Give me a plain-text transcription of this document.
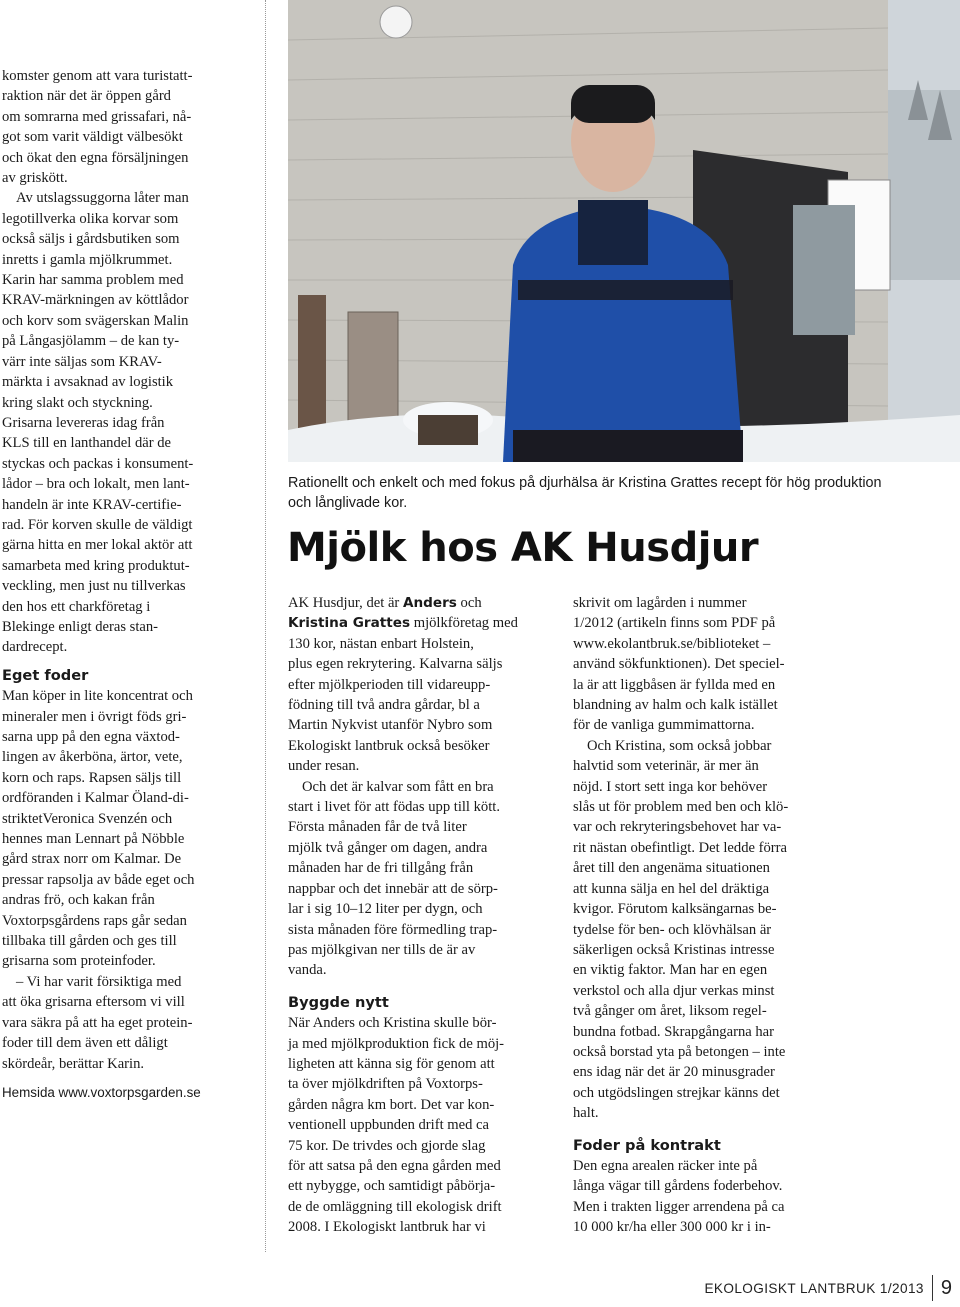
komster genom att vara turistatt-
raktion när det är öppen gård
om somrarna med grissafari, nå-
got som varit väldigt välbesökt
och ökat den egna försäljningen
av griskött.

Av utslagssuggorna låter man
legotillverka olika korvar som
också säljs i gårdsbutiken som
inretts i gamla mjölkrummet.
Karin har samma problem med
KRAV-märkningen av köttlådor
och korv som svägerskan Malin
på Långasjölamm – de kan ty-
värr inte säljas som KRAV-
märkta i avsaknad av logistik
kring slakt och styckning.
Grisarna levereras idag från
KLS till en lanthandel där de
styckas och packas i konsument-
lådor – bra och lokalt, men lant-
handeln är inte KRAV-certifie-
rad. För korven skulle de väldigt
gärna hitta en mer lokal aktör att
samarbeta med kring produktut-
veckling, men just nu tillverkas
den hos ett charkföretag i
Blekinge enligt deras stan-
dardrecept.

Eget foder

Man köper in lite koncentrat och
mineraler men i övrigt föds gri-
sarna upp på den egna växtod-
lingen av åkerböna, ärtor, vete,
korn och raps. Rapsen säljs till
ordföranden i Kalmar Öland-di-
striktetVeronica Svenzén och
hennes man Lennart på Nöbble
gård strax norr om Kalmar. De
pressar rapsolja av både eget och
andras frö, och kakan från
Voxtorpsgårdens raps går sedan
tillbaka till gården och ges till
grisarna som proteinfoder.

– Vi har varit försiktiga med
att öka grisarna eftersom vi vill
vara säkra på att ha eget protein-
foder till dem även ett dåligt
skördeår, berättar Karin.

Hemsida www.voxtorpsgarden.se

Rationellt och enkelt och med fokus på djurhälsa är Kristina Grattes recept för hög produktion
och långlivade kor.
Mjölk hos AK Husdjur

AK Husdjur, det är Anders och
Kristina Grattes mjölkföretag med
130 kor, nästan enbart Holstein,
plus egen rekrytering. Kalvarna säljs
efter mjölkperioden till vidareupp-
födning till två andra gårdar, bl a
Martin Nykvist utanför Nybro som
Ekologiskt lantbruk också besöker
under resan.

Och det är kalvar som fått en bra
start i livet för att födas upp till kött.
Första månaden får de två liter
mjölk två gånger om dagen, andra
månaden har de fri tillgång från
nappbar och det innebär att de sörp-
lar i sig 10–12 liter per dygn, och
sista månaden före förmedling trap-
pas mjölkgivan ner tills de är av
vanda.

Byggde nytt

När Anders och Kristina skulle bör-
ja med mjölkproduktion fick de möj-
ligheten att känna sig för genom att
ta över mjölkdriften på Voxtorps-
gården några km bort. Det var kon-
ventionell uppbunden drift med ca
75 kor. De trivdes och gjorde slag
för att satsa på den egna gården med
ett nybygge, och samtidigt påbörja-
de de omläggning till ekologisk drift
2008. I Ekologiskt lantbruk har vi

skrivit om lagården i nummer
1/2012 (artikeln finns som PDF på
www.ekolantbruk.se/biblioteket –
använd sökfunktionen). Det speciel-
la är att liggbåsen är fyllda med en
blandning av halm och kalk istället
för de vanliga gummimattorna.

Och Kristina, som också jobbar
halvtid som veterinär, är mer än
nöjd. I stort sett inga kor behöver
slås ut för problem med ben och klö-
var och rekryteringsbehovet har va-
rit nästan obefintligt. Det ledde förra
året till den angenäma situationen
att kunna sälja en hel del dräktiga
kvigor. Förutom kalksängarnas be-
tydelse för ben- och klövhälsan är
säkerligen också Kristinas intresse
en viktig faktor. Man har en egen
verkstol och alla djur verkas minst
två gånger om året, liksom regel-
bundna fotbad. Skrapgångarna har
också borstad yta på betongen – inte
ens idag när det är 20 minusgrader
och utgödslingen strejkar känns det
halt.

Foder på kontrakt

Den egna arealen räcker inte på
långa vägar till gårdens foderbehov.
Men i trakten ligger arrendena på ca
10 000 kr/ha eller 300 000 kr i in-

EKOLOGISKT LANTBRUK 1/2013 9
